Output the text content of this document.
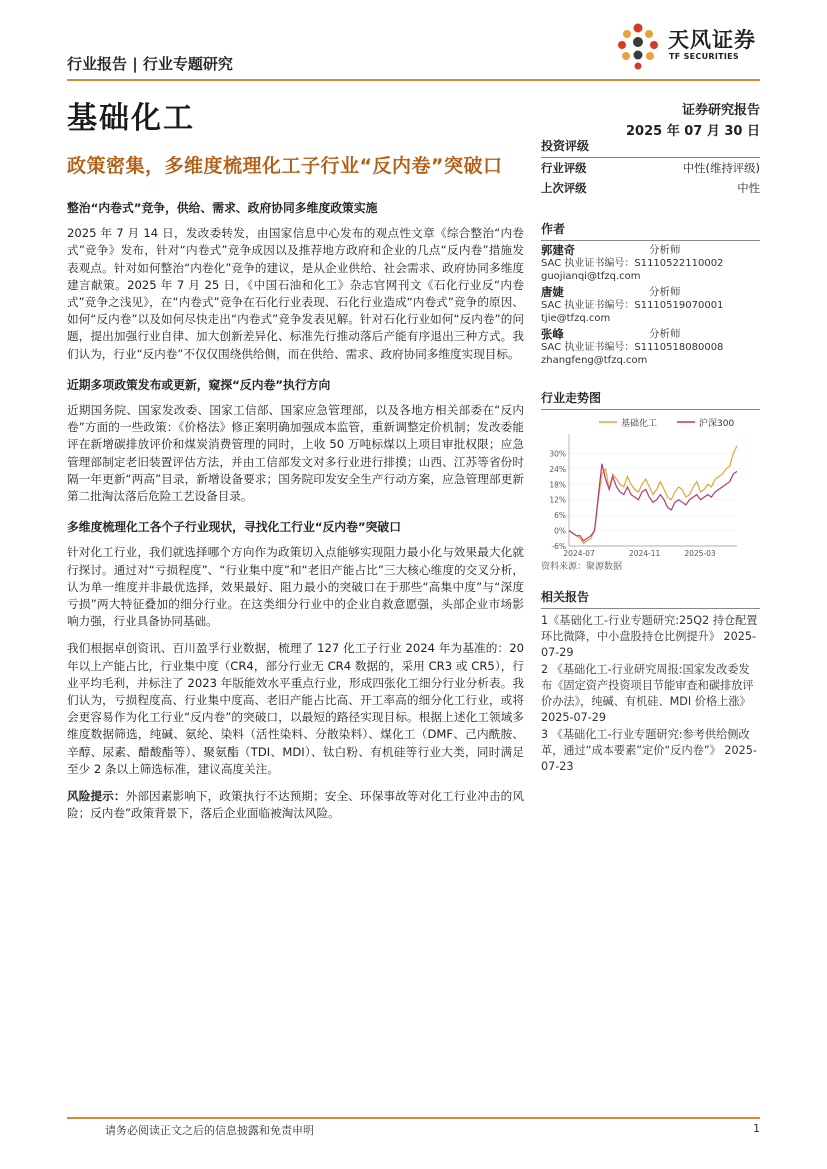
行业报告 | 行业专题研究
天风证券
TF SECURITIES
基础化工	证券研究报告
2025 年 07 月 30 日
政策密集，多维度梳理化工子行业“反内卷”突破口
整治“内卷式”竞争，供给、需求、政府协同多维度政策实施

2025 年 7 月 14 日，发改委转发，由国家信息中心发布的观点性文章《综合整治“内卷式”竞争》发布，针对“内卷式”竞争成因以及推荐地方政府和企业的几点“反内卷”措施发表观点。针对如何整治“内卷化”竞争的建议，是从企业供给、社会需求、政府协同多维度建言献策。2025 年 7 月 25 日，《中国石油和化工》杂志官网刊文《石化行业反“内卷式”竞争之浅见》，在“内卷式”竞争在石化行业表现、石化行业造成“内卷式”竞争的原因、如何“反内卷”以及如何尽快走出“内卷式”竞争发表见解。针对石化行业如何“反内卷”的问题，提出加强行业自律、加大创新差异化、标准先行推动落后产能有序退出三种方式。我们认为，行业“反内卷”不仅仅围绕供给侧，而在供给、需求、政府协同多维度实现目标。

近期多项政策发布或更新，窥探“反内卷”执行方向

近期国务院、国家发改委、国家工信部、国家应急管理部，以及各地方相关部委在“反内卷”方面的一些政策：《价格法》修正案明确加强成本监管，重新调整定价机制；发改委能评在新增碳排放评价和煤炭消费管理的同时，上收 50 万吨标煤以上项目审批权限；应急管理部制定老旧装置评估方法，并由工信部发文对多行业进行排摸；山西、江苏等省份时隔一年更新“两高”目录，新增设备要求；国务院印发安全生产行动方案，应急管理部更新第二批淘汰落后危险工艺设备目录。

多维度梳理化工各个子行业现状，寻找化工行业“反内卷”突破口

针对化工行业，我们就选择哪个方向作为政策切入点能够实现阻力最小化与效果最大化就行探讨。通过对“亏损程度”、“行业集中度”和“老旧产能占比”三大核心维度的交叉分析，认为单一维度并非最优选择，效果最好、阻力最小的突破口在于那些“高集中度”与“深度亏损”两大特征叠加的细分行业。在这类细分行业中的企业自救意愿强，头部企业市场影响力强，行业具备协同基础。

我们根据卓创资讯、百川盈孚行业数据，梳理了 127 化工子行业 2024 年为基准的：20 年以上产能占比，行业集中度（CR4，部分行业无 CR4 数据的，采用 CR3 或 CR5），行业平均毛利，并标注了 2023 年版能效水平重点行业，形成四张化工细分行业分析表。我们认为，亏损程度高、行业集中度高、老旧产能占比高、开工率高的细分化工行业，或将会更容易作为化工行业“反内卷”的突破口，以最短的路径实现目标。根据上述化工领域多维度数据筛选，纯碱、氨纶、染料（活性染料、分散染料）、煤化工（DMF、己内酰胺、辛醇、尿素、醋酸酯等）、聚氨酯（TDI、MDI）、钛白粉、有机硅等行业大类，同时满足至少 2 条以上筛选标准，建议高度关注。

风险提示：外部因素影响下，政策执行不达预期；安全、环保事故等对化工行业冲击的风险；反内卷”政策背景下，落后企业面临被淘汰风险。

投资评级
行业评级	中性(维持评级)
上次评级	中性
作者
郭建奇	分析师
SAC 执业证书编号：S1110522110002
guojianqi@tfzq.com
唐婕	分析师
SAC 执业证书编号：S1110519070001
tjie@tfzq.com
张峰	分析师
SAC 执业证书编号：S1110518080008
zhangfeng@tfzq.com
行业走势图
基础化工	沪深300
30%
24%
18%
12%
6%
0%
-6%
2024-07	2024-11	2025-03
资料来源：聚源数据
相关报告
1《基础化工-行业专题研究:25Q2 持仓配置环比微降，中小盘股持仓比例提升》 2025-07-29
2 《基础化工-行业研究周报:国家发改委发布《固定资产投资项目节能审查和碳排放评价办法》，纯碱、有机硅、MDI 价格上涨》 2025-07-29
3 《基础化工-行业专题研究:参考供给侧改革，通过“成本要素”定价“反内卷”》 2025-07-23
请务必阅读正文之后的信息披露和免责申明	1
